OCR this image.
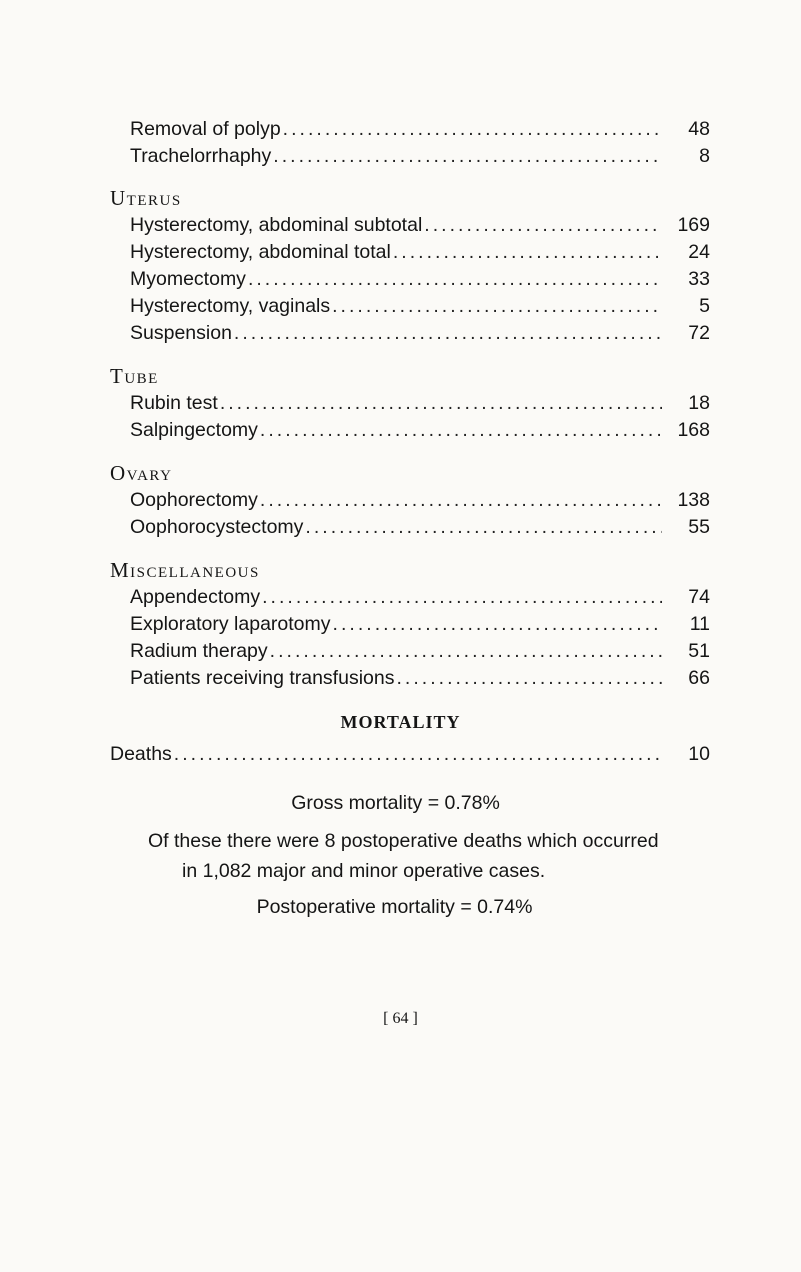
Removal of polyp . . .	48
Trachelorrhaphy . . .	8
Uterus
Hysterectomy, abdominal subtotal . . .	169
Hysterectomy, abdominal total . . .	24
Myomectomy . . .	33
Hysterectomy, vaginals . . .	5
Suspension . . .	72
Tube
Rubin test . . .	18
Salpingectomy . . .	168
Ovary
Oophorectomy . . .	138
Oophorocystectomy . . .	55
Miscellaneous
Appendectomy . . .	74
Exploratory laparotomy . . .	11
Radium therapy . . .	51
Patients receiving transfusions . . .	66
MORTALITY
Deaths . . .	10
Gross mortality = 0.78%
Of these there were 8 postoperative deaths which occurred
in 1,082 major and minor operative cases.
Postoperative mortality = 0.74%
[ 64 ]
